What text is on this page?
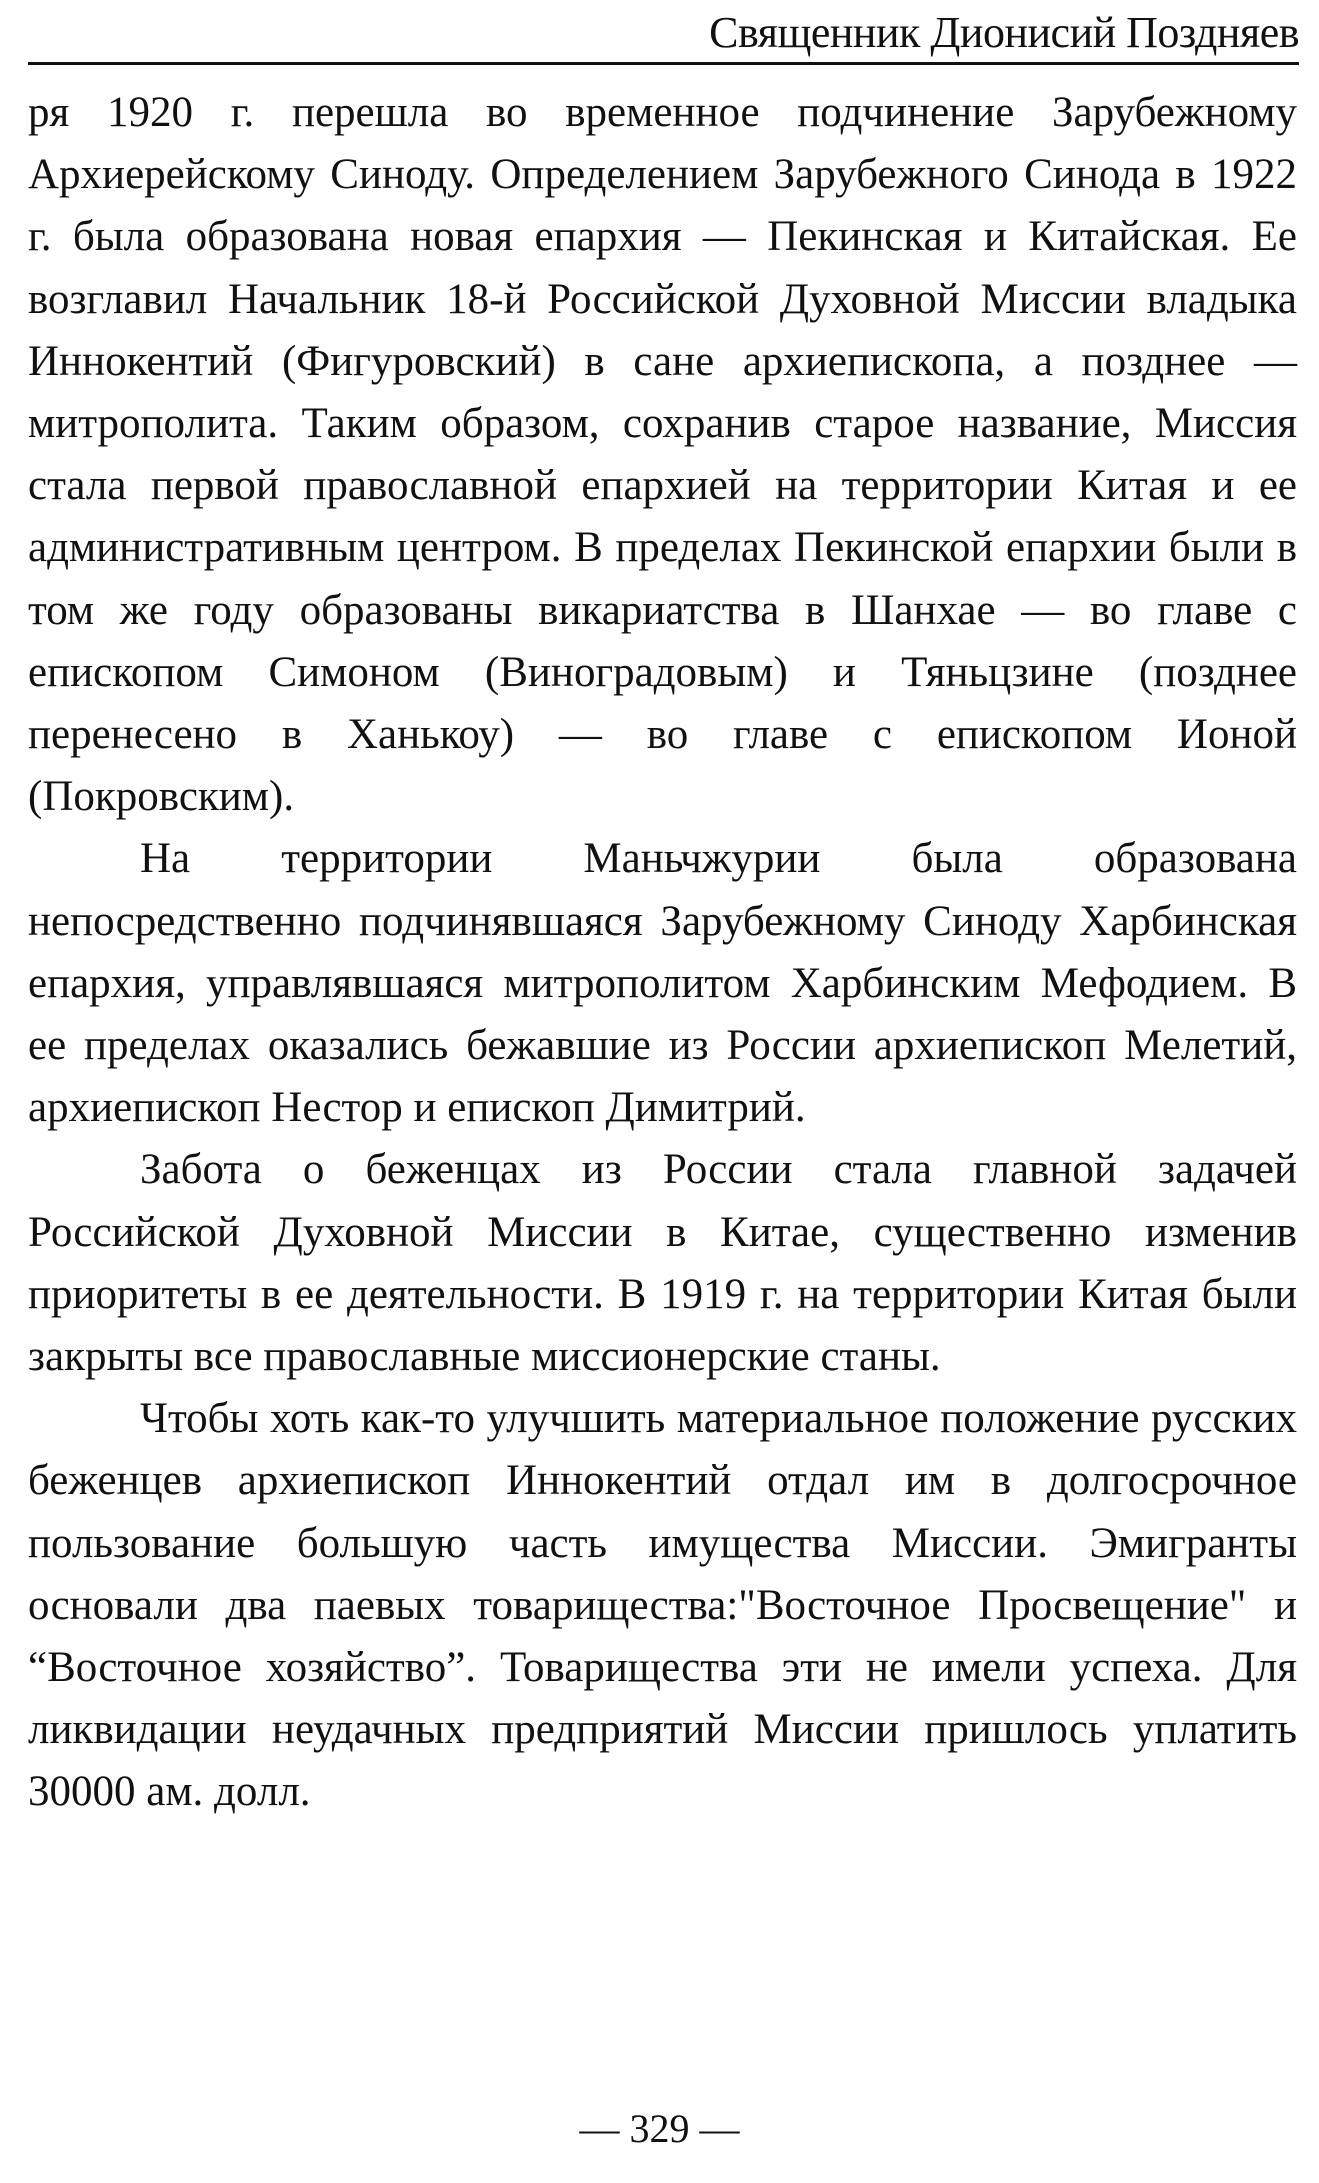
Священник Дионисий Поздняев

ря 1920 г. перешла во временное подчинение Зарубежному Архиерейскому Синоду. Определением Зарубежного Синода в 1922 г. была образована новая епархия — Пекинская и Китайская. Ее возглавил Начальник 18-й Российской Духовной Миссии владыка Иннокентий (Фигуровский) в сане архиепископа, а позднее — митрополита. Таким образом, сохранив старое название, Миссия стала первой православной епархией на территории Китая и ее административным центром. В пределах Пекинской епархии были в том же году образованы викариатства в Шанхае — во главе с епископом Симоном (Виноградовым) и Тяньцзине (позднее перенесено в Ханькоу) — во главе с епископом Ионой (Покровским).

На территории Маньчжурии была образована непосредственно подчинявшаяся Зарубежному Синоду Харбинская епархия, управлявшаяся митрополитом Харбинским Мефодием. В ее пределах оказались бежавшие из России архиепископ Мелетий, архиепископ Нестор и епископ Димитрий.

Забота о беженцах из России стала главной задачей Российской Духовной Миссии в Китае, существенно изменив приоритеты в ее деятельности. В 1919 г. на территории Китая были закрыты все православные миссионерские станы.

Чтобы хоть как-то улучшить материальное положение русских беженцев архиепископ Иннокентий отдал им в долгосрочное пользование большую часть имущества Миссии. Эмигранты основали два паевых товарищества:"Восточное Просвещение" и “Восточное хозяйство”. Товарищества эти не имели успеха. Для ликвидации неудачных предприятий Миссии пришлось уплатить 30000 ам. долл.

— 329 —
